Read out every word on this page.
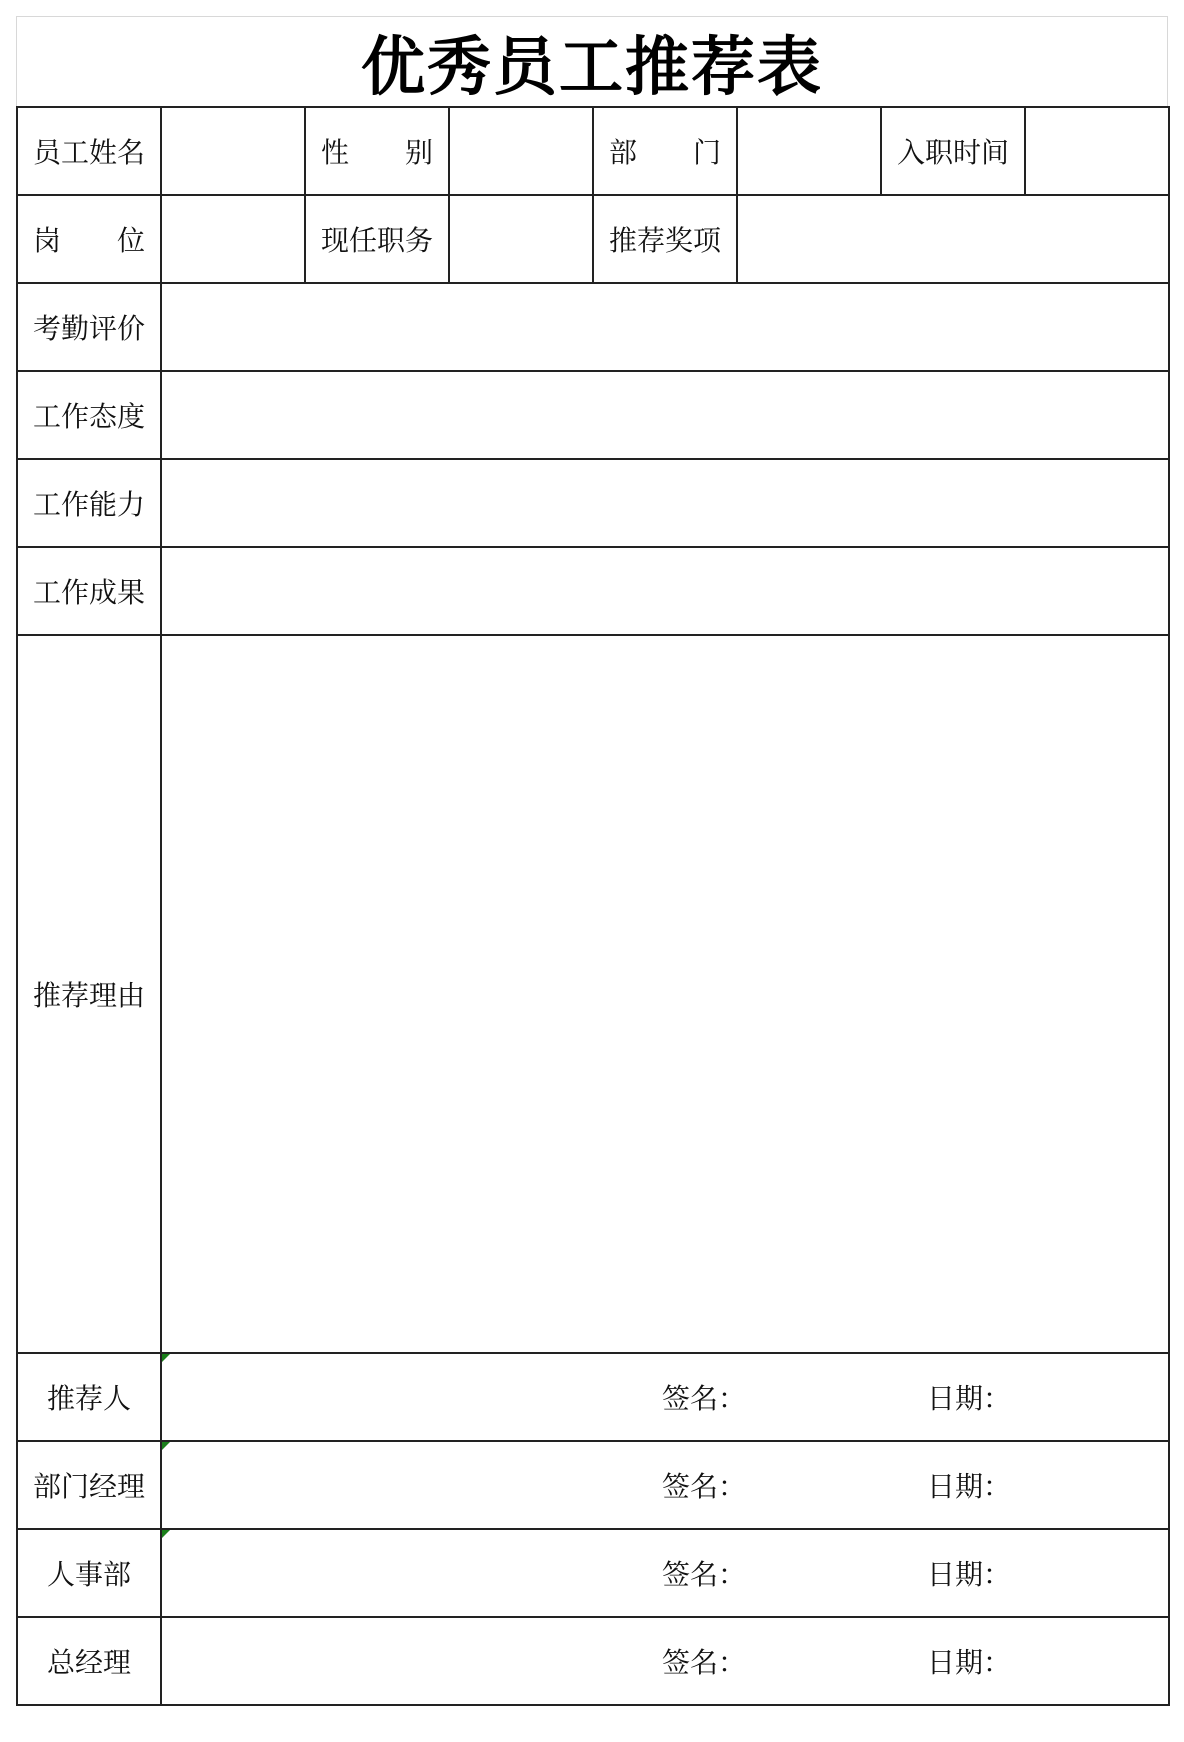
优秀员工推荐表
员工姓名		性　　别		部　　门		入职时间	
岗　　位		现任职务		推荐奖项			
考勤评价							
工作态度							
工作能力							
工作成果							
推荐理由							
推荐人	签名： 日期：						

部门经理	签名： 日期：						

人事部	签名： 日期：						

总经理	签名： 日期：						
